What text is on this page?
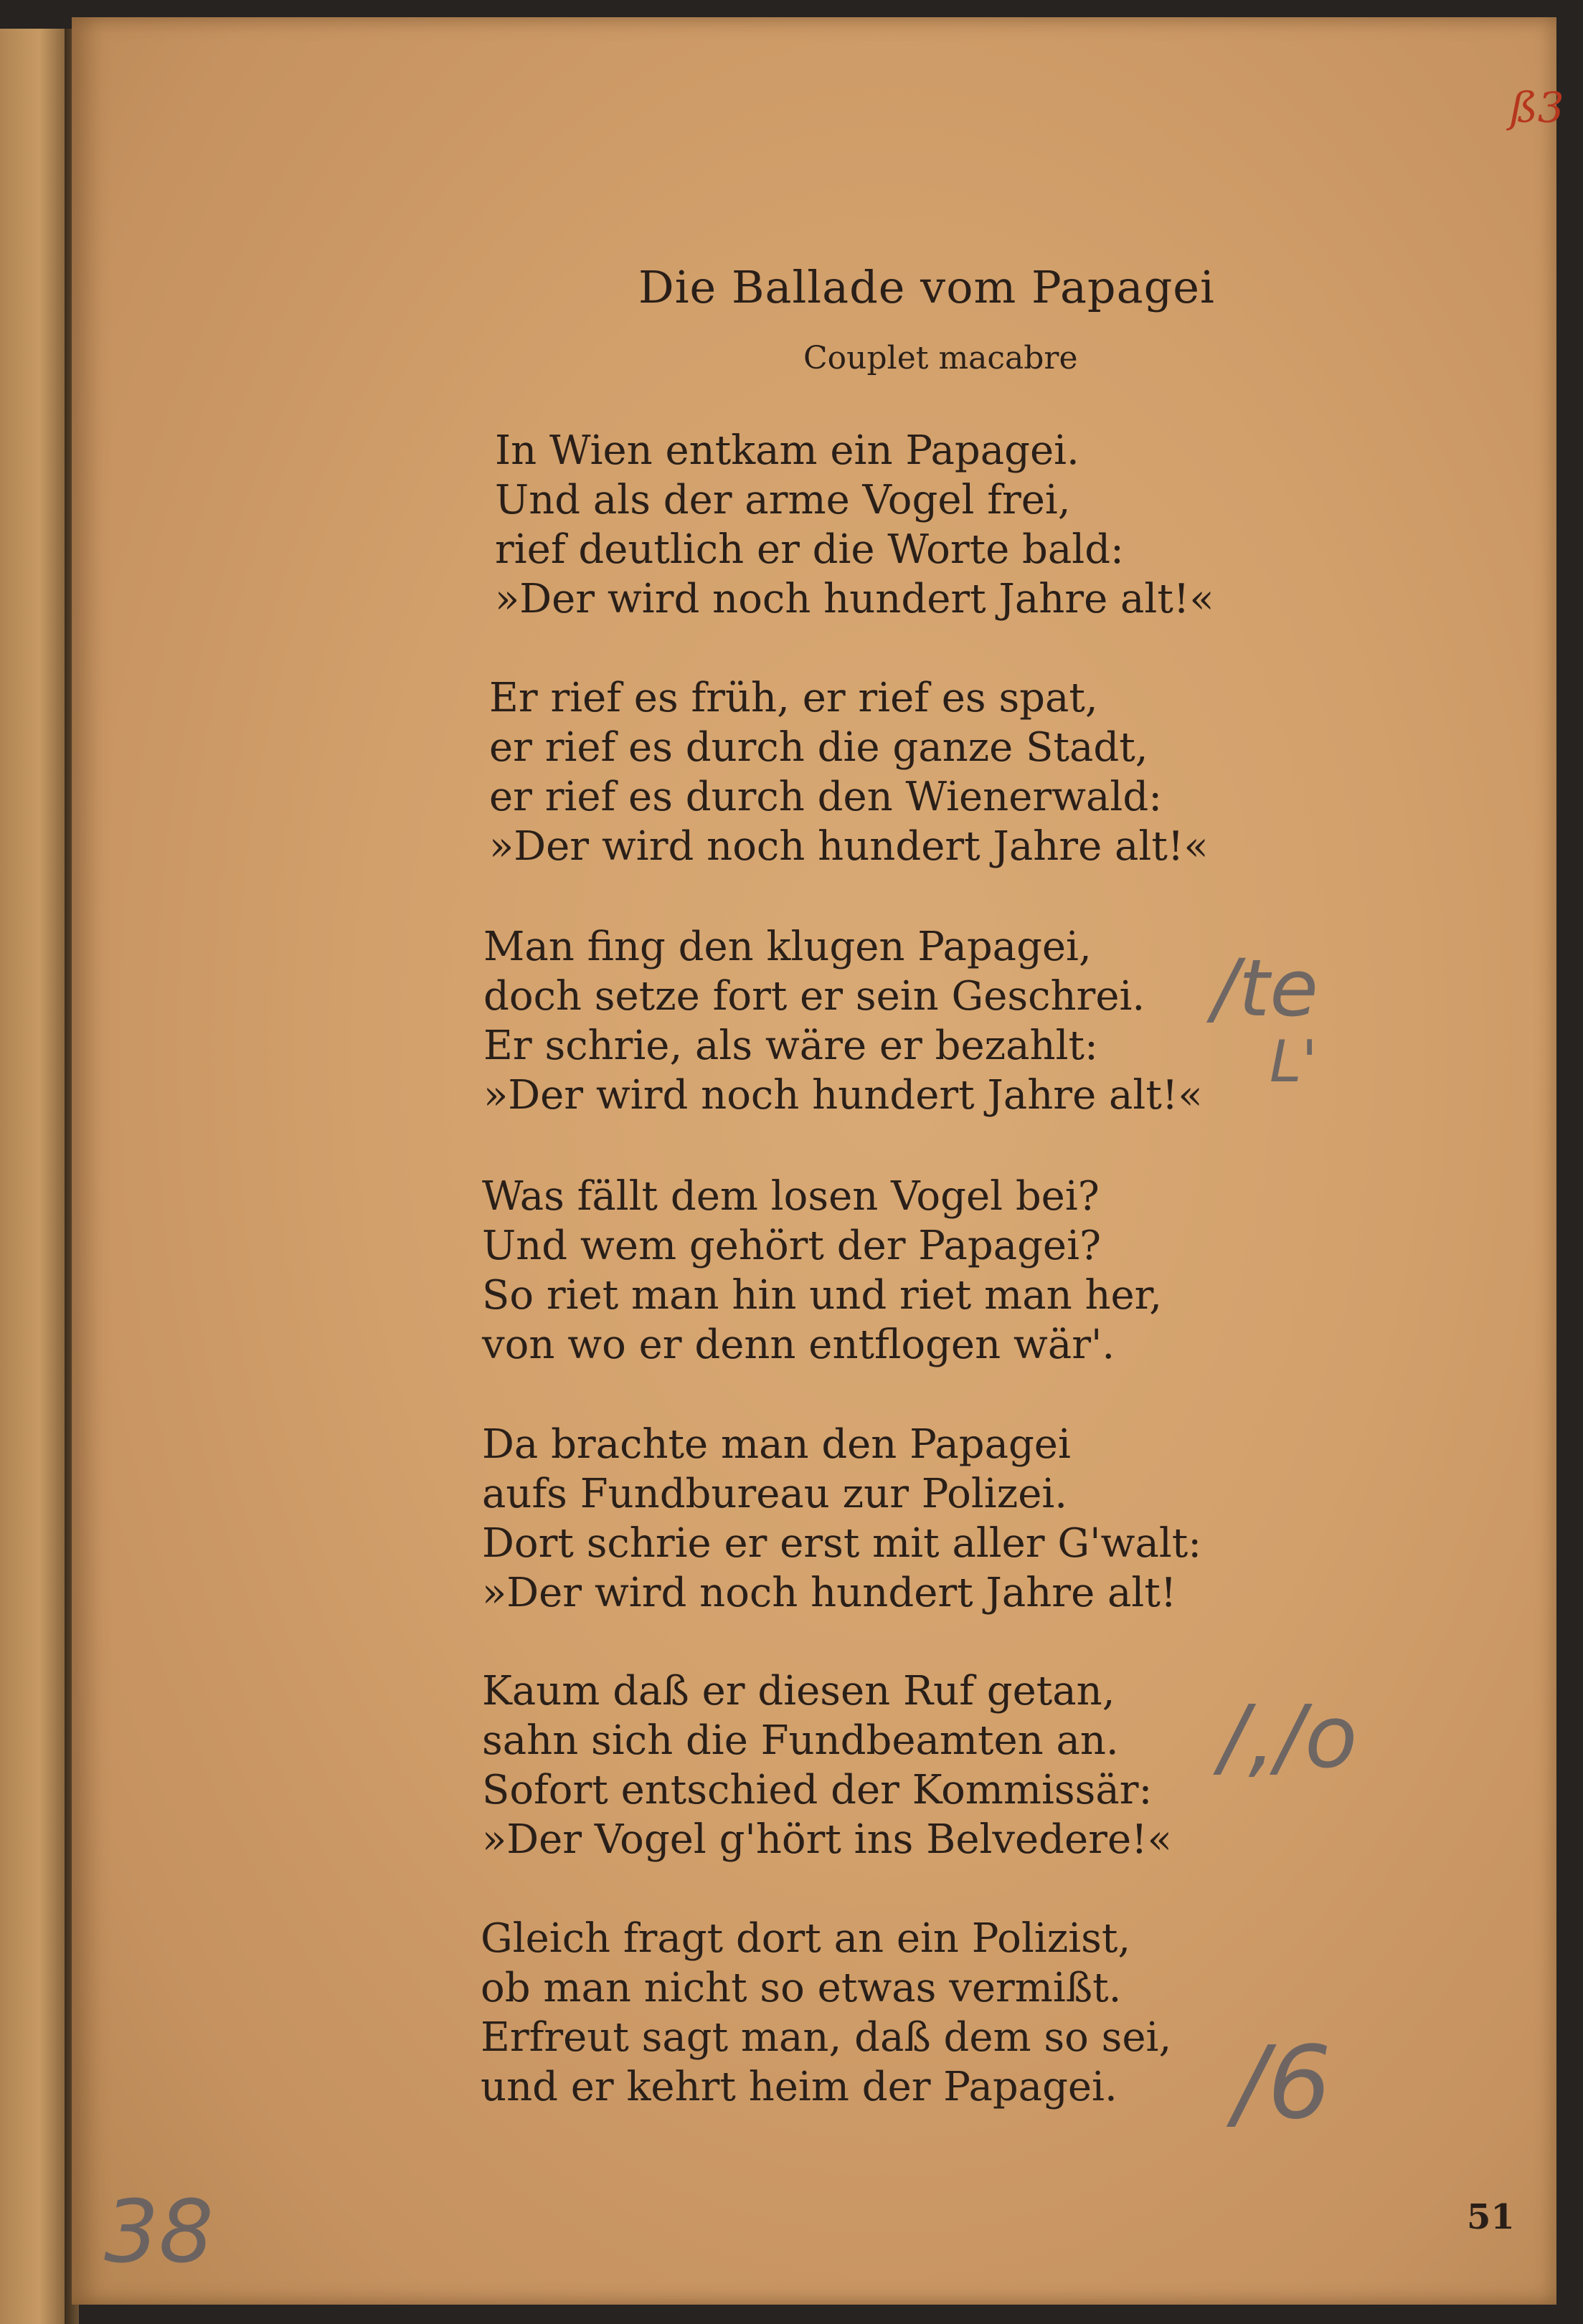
ß3
Die Ballade vom Papagei
Couplet macabre
In Wien entkam ein Papagei.
Und als der arme Vogel frei,
rief deutlich er die Worte bald:
»Der wird noch hundert Jahre alt!«
Er rief es früh, er rief es spat,
er rief es durch die ganze Stadt,
er rief es durch den Wienerwald:
»Der wird noch hundert Jahre alt!«
Man fing den klugen Papagei,
doch setze fort er sein Geschrei.
Er schrie, als wäre er bezahlt:
»Der wird noch hundert Jahre alt!«
Was fällt dem losen Vogel bei?
Und wem gehört der Papagei?
So riet man hin und riet man her,
von wo er denn entflogen wär'.
Da brachte man den Papagei
aufs Fundbureau zur Polizei.
Dort schrie er erst mit aller G'walt:
»Der wird noch hundert Jahre alt!
Kaum daß er diesen Ruf getan,
sahn sich die Fundbeamten an.
Sofort entschied der Kommissär:
»Der Vogel g'hört ins Belvedere!«
Gleich fragt dort an ein Polizist,
ob man nicht so etwas vermißt.
Erfreut sagt man, daß dem so sei,
und er kehrt heim der Papagei.
/te
L'
/,/o
/6
38	51
